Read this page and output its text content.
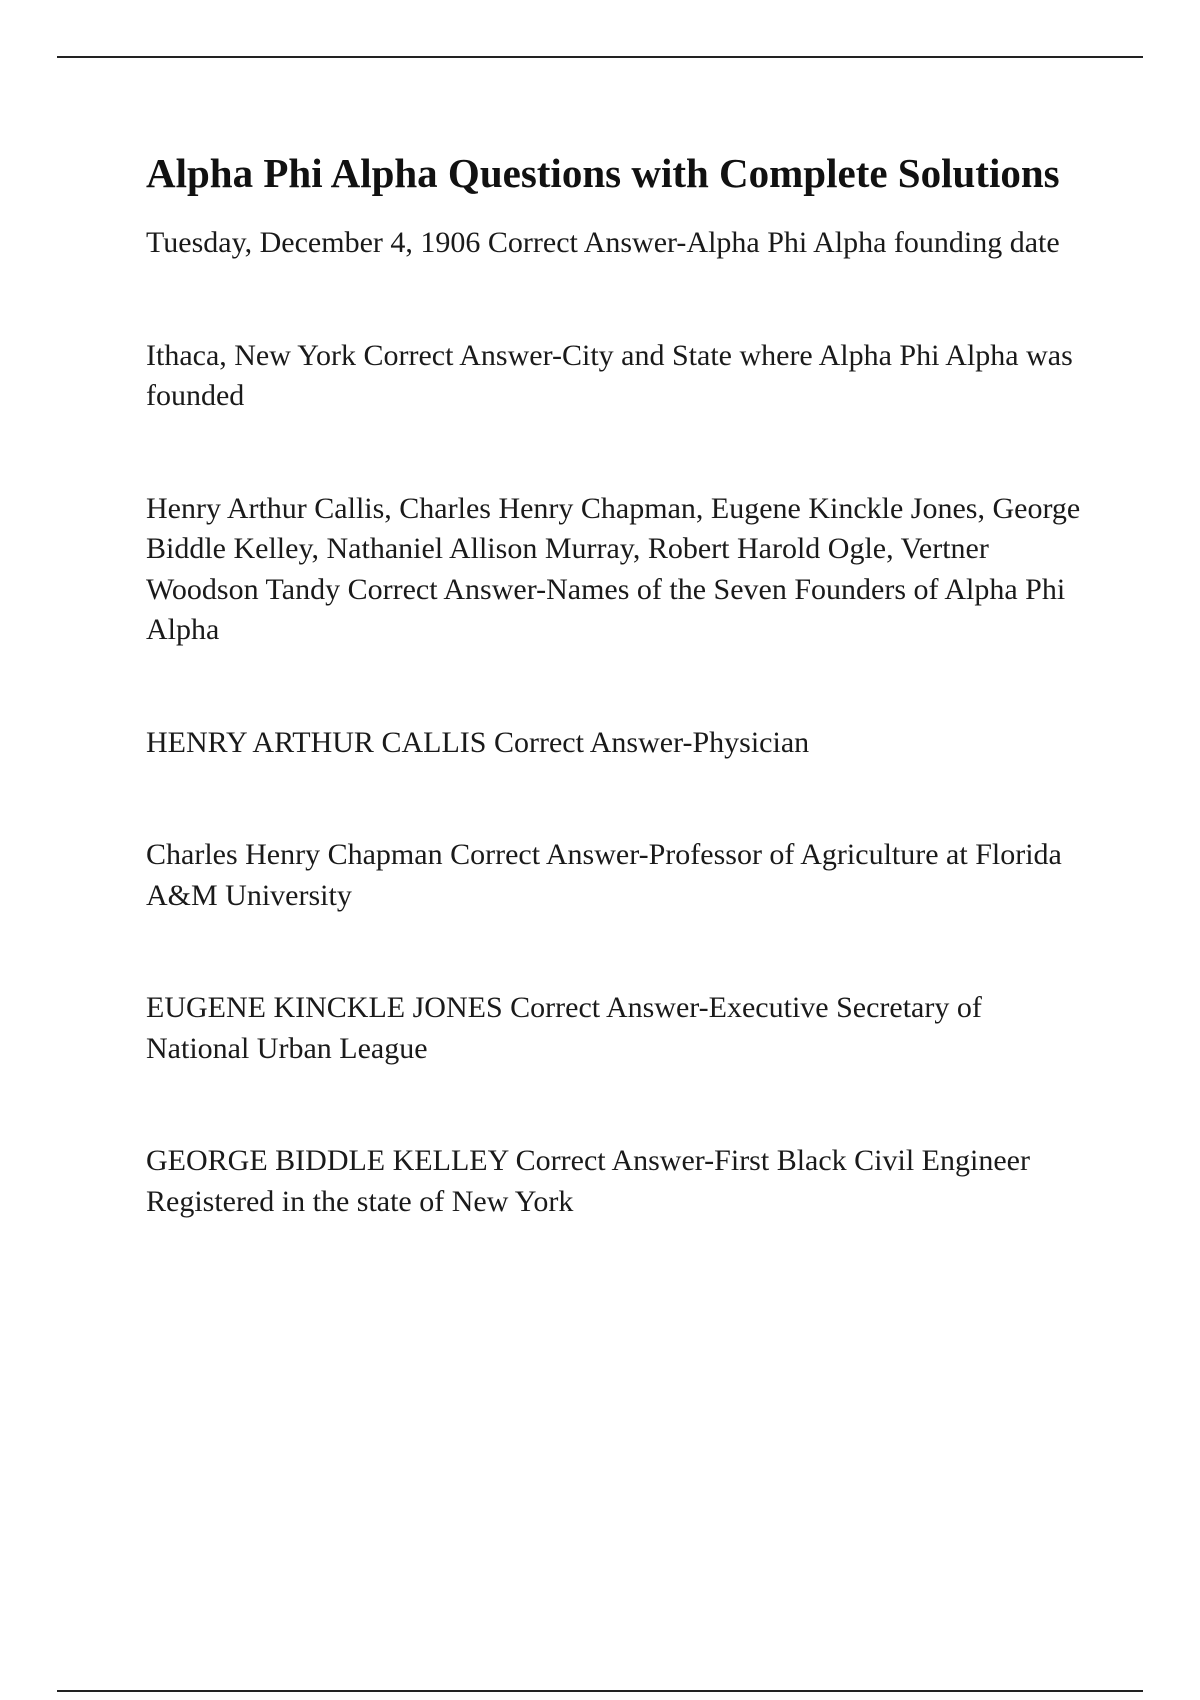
Alpha Phi Alpha Questions with Complete Solutions
Tuesday, December 4, 1906 Correct Answer-Alpha Phi Alpha founding date
Ithaca, New York Correct Answer-City and State where Alpha Phi Alpha was founded
Henry Arthur Callis, Charles Henry Chapman, Eugene Kinckle Jones, George Biddle Kelley, Nathaniel Allison Murray, Robert Harold Ogle, Vertner Woodson Tandy Correct Answer-Names of the Seven Founders of Alpha Phi Alpha
HENRY ARTHUR CALLIS Correct Answer-Physician
Charles Henry Chapman Correct Answer-Professor of Agriculture at Florida A&M University
EUGENE KINCKLE JONES Correct Answer-Executive Secretary of National Urban League
GEORGE BIDDLE KELLEY Correct Answer-First Black Civil Engineer Registered in the state of New York
